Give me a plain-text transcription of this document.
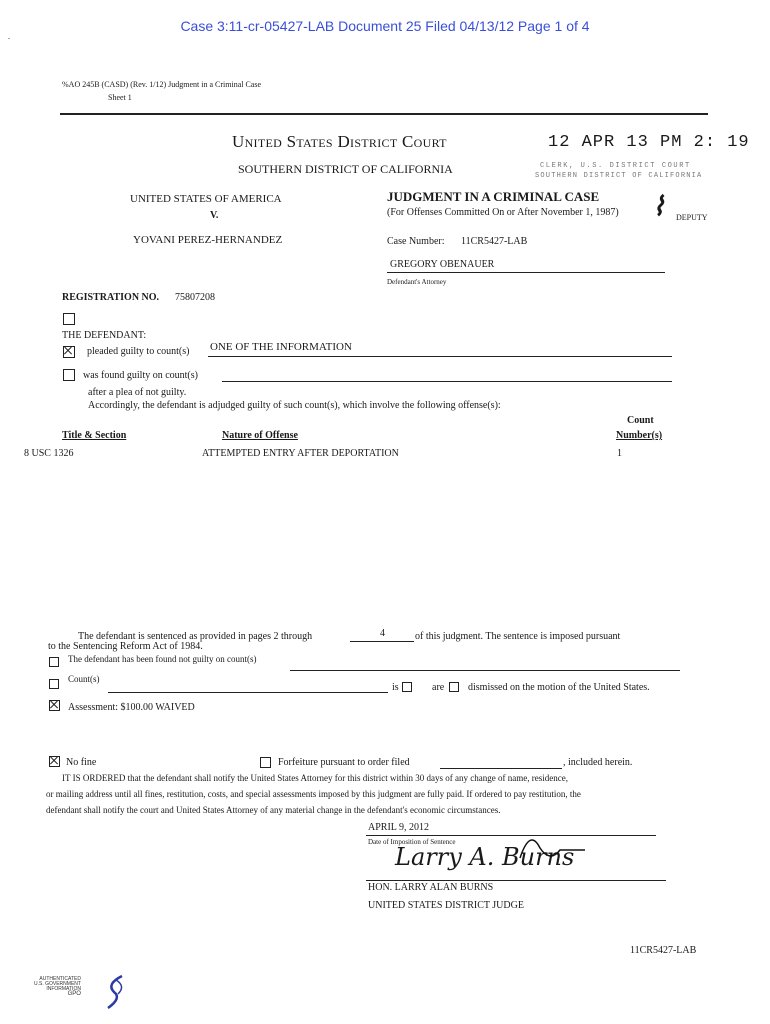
Case 3:11-cr-05427-LAB Document 25 Filed 04/13/12 Page 1 of 4
.
%AO 245B (CASD) (Rev. 1/12) Judgment in a Criminal Case
Sheet 1
United States District Court	12 APR 13 PM 2: 19
SOUTHERN DISTRICT OF CALIFORNIA	CLERK, U.S. DISTRICT COURT
SOUTHERN DISTRICT OF CALIFORNIA
UNITED STATES OF AMERICA
V.
YOVANI PEREZ-HERNANDEZ
JUDGMENT IN A CRIMINAL CASE
(For Offenses Committed On or After November 1, 1987) ⌇ DEPUTY
Case Number: 11CR5427-LAB
GREGORY OBENAUER
Defendant's Attorney
REGISTRATION NO. 75807208
THE DEFENDANT:
pleaded guilty to count(s) ONE OF THE INFORMATION
was found guilty on count(s)
after a plea of not guilty.
Accordingly, the defendant is adjudged guilty of such count(s), which involve the following offense(s):
Title & Section	Nature of Offense
Count
Number(s)
8 USC 1326	ATTEMPTED ENTRY AFTER DEPORTATION	1
The defendant is sentenced as provided in pages 2 through	4	of this judgment. The sentence is imposed pursuant
to the Sentencing Reform Act of 1984.
The defendant has been found not guilty on count(s)
Count(s)
is	are dismissed on the motion of the United States.
Assessment: $100.00 WAIVED
No fine	Forfeiture pursuant to order filed	, included herein.
IT IS ORDERED that the defendant shall notify the United States Attorney for this district within 30 days of any change of name, residence,
or mailing address until all fines, restitution, costs, and special assessments imposed by this judgment are fully paid. If ordered to pay restitution, the
defendant shall notify the court and United States Attorney of any material change in the defendant's economic circumstances.
APRIL 9, 2012
Date of Imposition of Sentence
Larry A. Burns
HON. LARRY ALAN BURNS
UNITED STATES DISTRICT JUDGE
11CR5427-LAB
AUTHENTICATED
U.S. GOVERNMENT
INFORMATION
GPO
